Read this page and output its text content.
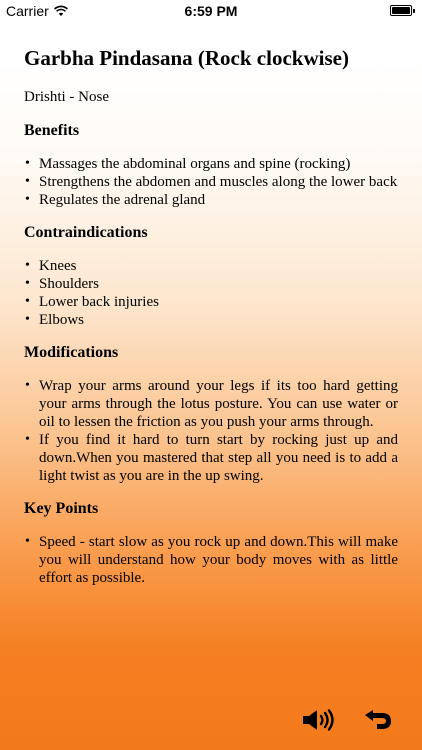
Carrier	6:59 PM
Garbha Pindasana (Rock clockwise)

Drishti - Nose

Benefits
• Massages the abdominal organs and spine (rocking)
• Strengthens the abdomen and muscles along the lower back
• Regulates the adrenal gland
Contraindications
• Knees
• Shoulders
• Lower back injuries
• Elbows
Modifications
• Wrap your arms around your legs if its too hard getting your arms through the lotus posture. You can use water or oil to lessen the friction as you push your arms through.
• If you find it hard to turn start by rocking just up and down.When you mastered that step all you need is to add a light twist as you are in the up swing.
Key Points
• Speed - start slow as you rock up and down.This will make you will understand how your body moves with as little effort as possible.
